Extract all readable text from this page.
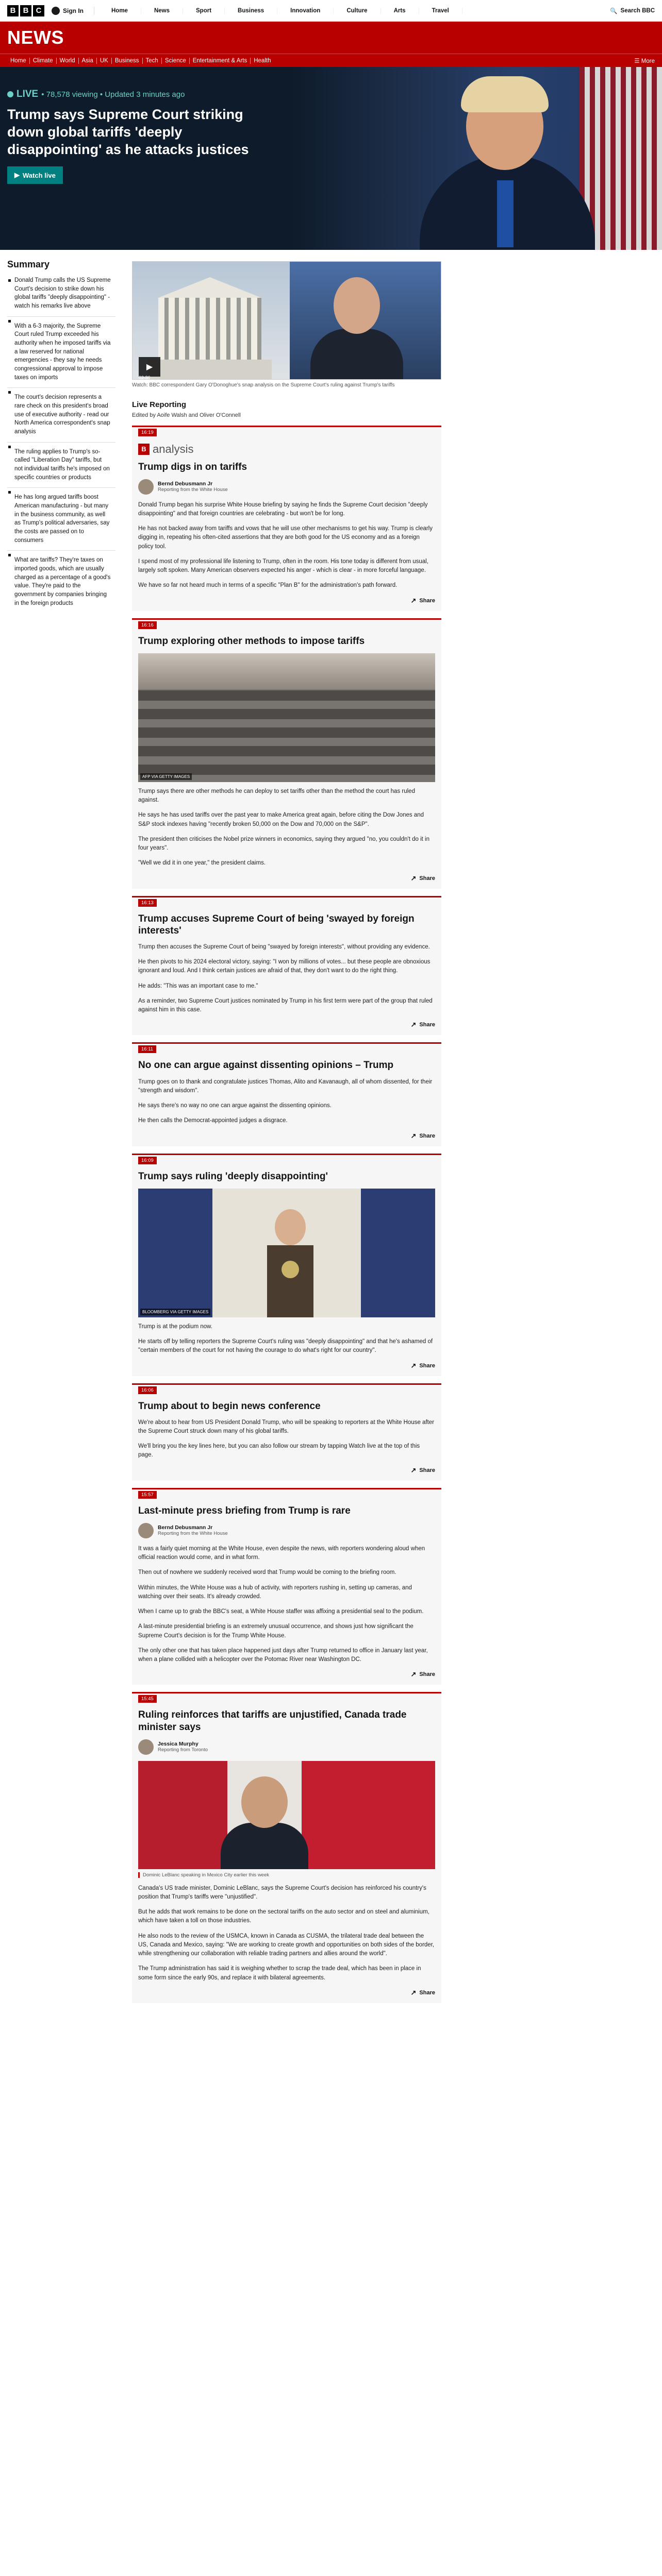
B B C	Sign In	Home	News	Sport	Business	Innovation	Culture	Arts	Travel	🔍 Search BBC
NEWS
Home	Climate	World	Asia	UK	Business	Tech	Science	Entertainment & Arts	Health	☰ More
LIVE • 78,578 viewing • Updated 3 minutes ago
Trump says Supreme Court striking down global tariffs 'deeply disappointing' as he attacks justices
▶ Watch live
Summary
Donald Trump calls the US Supreme Court's decision to strike down his global tariffs "deeply disappointing" - watch his remarks live above
With a 6-3 majority, the Supreme Court ruled Trump exceeded his authority when he imposed tariffs via a law reserved for national emergencies - they say he needs congressional approval to impose taxes on imports
The court's decision represents a rare check on this president's broad use of executive authority - read our North America correspondent's snap analysis
The ruling applies to Trump's so-called "Liberation Day" tariffs, but not individual tariffs he's imposed on specific countries or products
He has long argued tariffs boost American manufacturing - but many in the business community, as well as Trump's political adversaries, say the costs are passed on to consumers
What are tariffs? They're taxes on imported goods, which are usually charged as a percentage of a good's value. They're paid to the government by companies bringing in the foreign products
▶
02:36
Watch: BBC correspondent Gary O'Donoghue's snap analysis on the Supreme Court's ruling against Trump's tariffs
Live Reporting
Edited by Aoife Walsh and Oliver O'Connell
16:19
B analysis
Trump digs in on tariffs
Bernd Debusmann Jr
Reporting from the White House

Donald Trump began his surprise White House briefing by saying he finds the Supreme Court decision "deeply disappointing" and that foreign countries are celebrating - but won't be for long.

He has not backed away from tariffs and vows that he will use other mechanisms to get his way. Trump is clearly digging in, repeating his often-cited assertions that they are both good for the US economy and as a foreign policy tool.

I spend most of my professional life listening to Trump, often in the room. His tone today is different from usual, largely soft spoken. Many American observers expected his anger - which is clear - in more forceful language.

We have so far not heard much in terms of a specific "Plan B" for the administration's path forward.

↗ Share
16:16
Trump exploring other methods to impose tariffs
AFP VIA GETTY IMAGES

Trump says there are other methods he can deploy to set tariffs other than the method the court has ruled against.

He says he has used tariffs over the past year to make America great again, before citing the Dow Jones and S&P stock indexes having "recently broken 50,000 on the Dow and 70,000 on the S&P".

The president then criticises the Nobel prize winners in economics, saying they argued "no, you couldn't do it in four years".

"Well we did it in one year," the president claims.

↗ Share
16:13
Trump accuses Supreme Court of being 'swayed by foreign interests'

Trump then accuses the Supreme Court of being "swayed by foreign interests", without providing any evidence.

He then pivots to his 2024 electoral victory, saying: "I won by millions of votes... but these people are obnoxious ignorant and loud. And I think certain justices are afraid of that, they don't want to do the right thing.

He adds: "This was an important case to me."

As a reminder, two Supreme Court justices nominated by Trump in his first term were part of the group that ruled against him in this case.

↗ Share
16:11
No one can argue against dissenting opinions – Trump

Trump goes on to thank and congratulate justices Thomas, Alito and Kavanaugh, all of whom dissented, for their "strength and wisdom".

He says there's no way no one can argue against the dissenting opinions.

He then calls the Democrat-appointed judges a disgrace.

↗ Share
16:09
Trump says ruling 'deeply disappointing'
BLOOMBERG VIA GETTY IMAGES

Trump is at the podium now.

He starts off by telling reporters the Supreme Court's ruling was "deeply disappointing" and that he's ashamed of "certain members of the court for not having the courage to do what's right for our country".

↗ Share
16:06
Trump about to begin news conference

We're about to hear from US President Donald Trump, who will be speaking to reporters at the White House after the Supreme Court struck down many of his global tariffs.

We'll bring you the key lines here, but you can also follow our stream by tapping Watch live at the top of this page.

↗ Share
15:57
Last-minute press briefing from Trump is rare
Bernd Debusmann Jr
Reporting from the White House

It was a fairly quiet morning at the White House, even despite the news, with reporters wondering aloud when official reaction would come, and in what form.

Then out of nowhere we suddenly received word that Trump would be coming to the briefing room.

Within minutes, the White House was a hub of activity, with reporters rushing in, setting up cameras, and watching over their seats. It's already crowded.

When I came up to grab the BBC's seat, a White House staffer was affixing a presidential seal to the podium.

A last-minute presidential briefing is an extremely unusual occurrence, and shows just how significant the Supreme Court's decision is for the Trump White House.

The only other one that has taken place happened just days after Trump returned to office in January last year, when a plane collided with a helicopter over the Potomac River near Washington DC.

↗ Share
15:45
Ruling reinforces that tariffs are unjustified, Canada trade minister says
Jessica Murphy
Reporting from Toronto
Dominic LeBlanc speaking in Mexico City earlier this week

Canada's US trade minister, Dominic LeBlanc, says the Supreme Court's decision has reinforced his country's position that Trump's tariffs were "unjustified".

But he adds that work remains to be done on the sectoral tariffs on the auto sector and on steel and aluminium, which have taken a toll on those industries.

He also nods to the review of the USMCA, known in Canada as CUSMA, the trilateral trade deal between the US, Canada and Mexico, saying: "We are working to create growth and opportunities on both sides of the border, while strengthening our collaboration with reliable trading partners and allies around the world".

The Trump administration has said it is weighing whether to scrap the trade deal, which has been in place in some form since the early 90s, and replace it with bilateral agreements.

↗ Share
